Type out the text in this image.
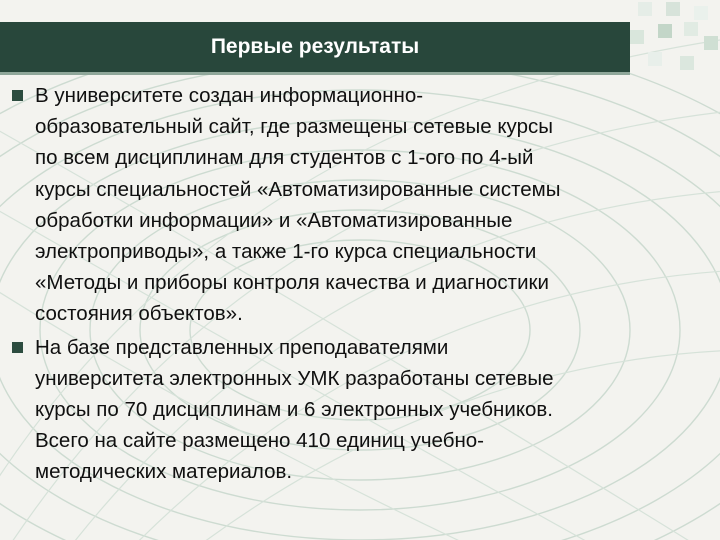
Первые результаты
В университете создан информационно-
образовательный сайт, где размещены сетевые курсы
по всем дисциплинам для студентов с 1-ого по 4-ый
курсы специальностей «Автоматизированные системы
обработки информации» и «Автоматизированные
электроприводы», а также 1-го курса специальности
«Методы и приборы контроля качества и диагностики
состояния объектов».
На базе представленных преподавателями
университета электронных УМК разработаны сетевые
курсы по 70 дисциплинам и 6 электронных учебников.
Всего на сайте размещено 410 единиц учебно-
методических материалов.
